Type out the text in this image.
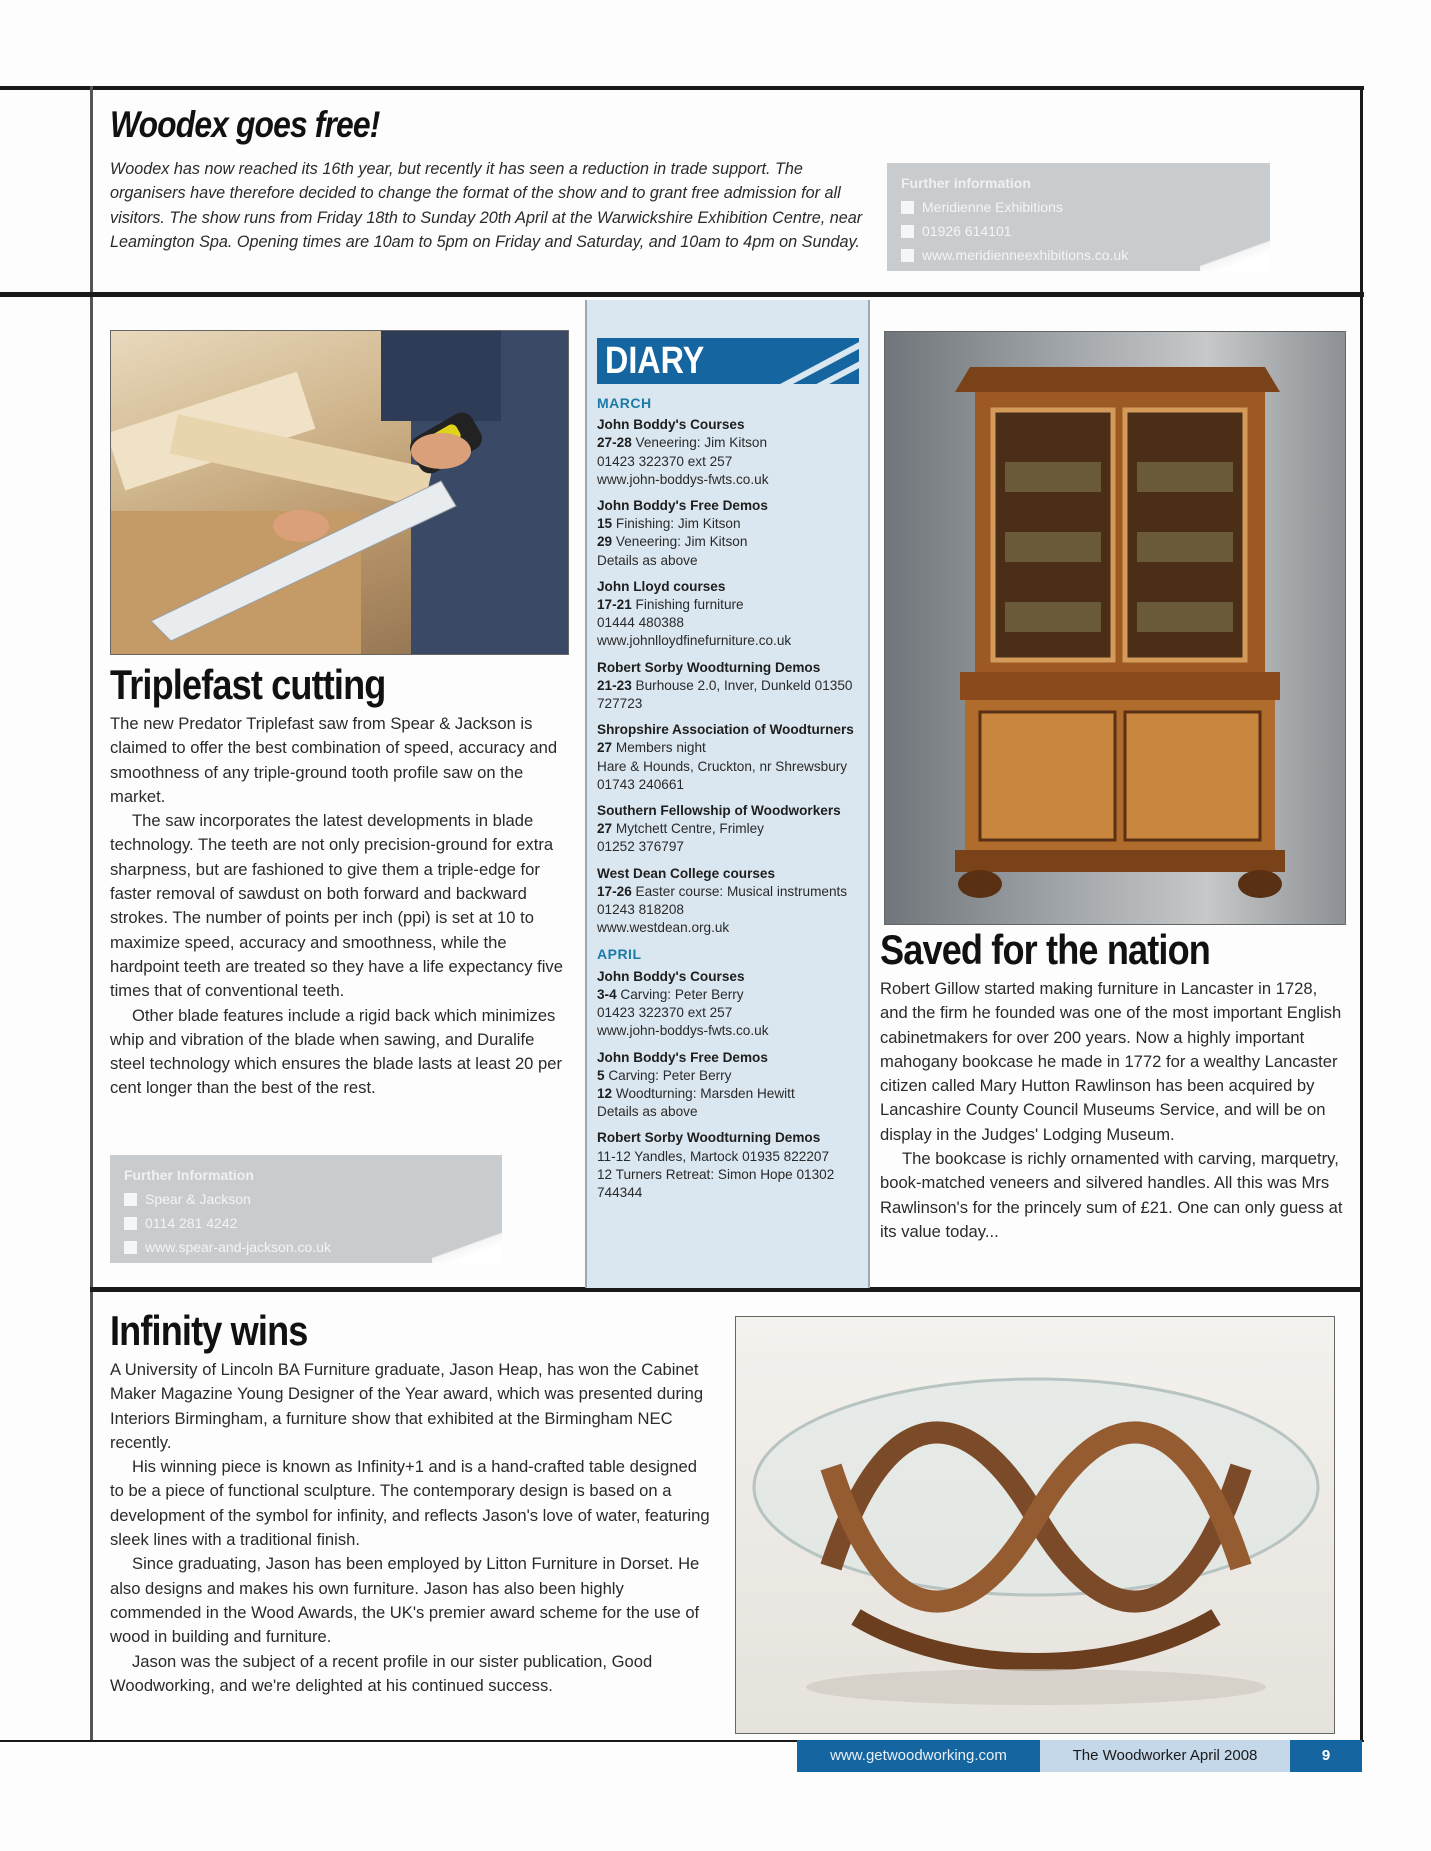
Woodex goes free!
Woodex has now reached its 16th year, but recently it has seen a reduction in trade support. The organisers have therefore decided to change the format of the show and to grant free admission for all visitors. The show runs from Friday 18th to Sunday 20th April at the Warwickshire Exhibition Centre, near Leamington Spa. Opening times are 10am to 5pm on Friday and Saturday, and 10am to 4pm on Sunday.
Further information
Meridienne Exhibitions
01926 614101
www.meridienneexhibitions.co.uk
Triplefast cutting

The new Predator Triplefast saw from Spear & Jackson is claimed to offer the best combination of speed, accuracy and smoothness of any triple-ground tooth profile saw on the market.

The saw incorporates the latest developments in blade technology. The teeth are not only precision-ground for extra sharpness, but are fashioned to give them a triple-edge for faster removal of sawdust on both forward and backward strokes. The number of points per inch (ppi) is set at 10 to maximize speed, accuracy and smoothness, while the hardpoint teeth are treated so they have a life expectancy five times that of conventional teeth.

Other blade features include a rigid back which minimizes whip and vibration of the blade when sawing, and Duralife steel technology which ensures the blade lasts at least 20 per cent longer than the best of the rest.

Further Information
Spear & Jackson
0114 281 4242
www.spear-and-jackson.co.uk
DIARY
MARCH
John Boddy's Courses
27-28 Veneering: Jim Kitson
01423 322370 ext 257
www.john-boddys-fwts.co.uk
John Boddy's Free Demos
15 Finishing: Jim Kitson
29 Veneering: Jim Kitson
Details as above
John Lloyd courses
17-21 Finishing furniture
01444 480388
www.johnlloydfinefurniture.co.uk
Robert Sorby Woodturning Demos
21-23 Burhouse 2.0, Inver, Dunkeld 01350 727723
Shropshire Association of Woodturners
27 Members night
Hare & Hounds, Cruckton, nr Shrewsbury 01743 240661
Southern Fellowship of Woodworkers
27 Mytchett Centre, Frimley
01252 376797
West Dean College courses
17-26 Easter course: Musical instruments 01243 818208
www.westdean.org.uk
APRIL
John Boddy's Courses
3-4 Carving: Peter Berry
01423 322370 ext 257
www.john-boddys-fwts.co.uk
John Boddy's Free Demos
5 Carving: Peter Berry
12 Woodturning: Marsden Hewitt
Details as above
Robert Sorby Woodturning Demos
11-12 Yandles, Martock 01935 822207
12 Turners Retreat: Simon Hope 01302 744344
Saved for the nation

Robert Gillow started making furniture in Lancaster in 1728, and the firm he founded was one of the most important English cabinetmakers for over 200 years. Now a highly important mahogany bookcase he made in 1772 for a wealthy Lancaster citizen called Mary Hutton Rawlinson has been acquired by Lancashire County Council Museums Service, and will be on display in the Judges' Lodging Museum.

The bookcase is richly ornamented with carving, marquetry, book-matched veneers and silvered handles. All this was Mrs Rawlinson's for the princely sum of £21. One can only guess at its value today...

Infinity wins

A University of Lincoln BA Furniture graduate, Jason Heap, has won the Cabinet Maker Magazine Young Designer of the Year award, which was presented during Interiors Birmingham, a furniture show that exhibited at the Birmingham NEC recently.

His winning piece is known as Infinity+1 and is a hand-crafted table designed to be a piece of functional sculpture. The contemporary design is based on a development of the symbol for infinity, and reflects Jason's love of water, featuring sleek lines with a traditional finish.

Since graduating, Jason has been employed by Litton Furniture in Dorset. He also designs and makes his own furniture. Jason has also been highly commended in the Wood Awards, the UK's premier award scheme for the use of wood in building and furniture.

Jason was the subject of a recent profile in our sister publication, Good Woodworking, and we're delighted at his continued success.

www.getwoodworking.com	The Woodworker April 2008	9
